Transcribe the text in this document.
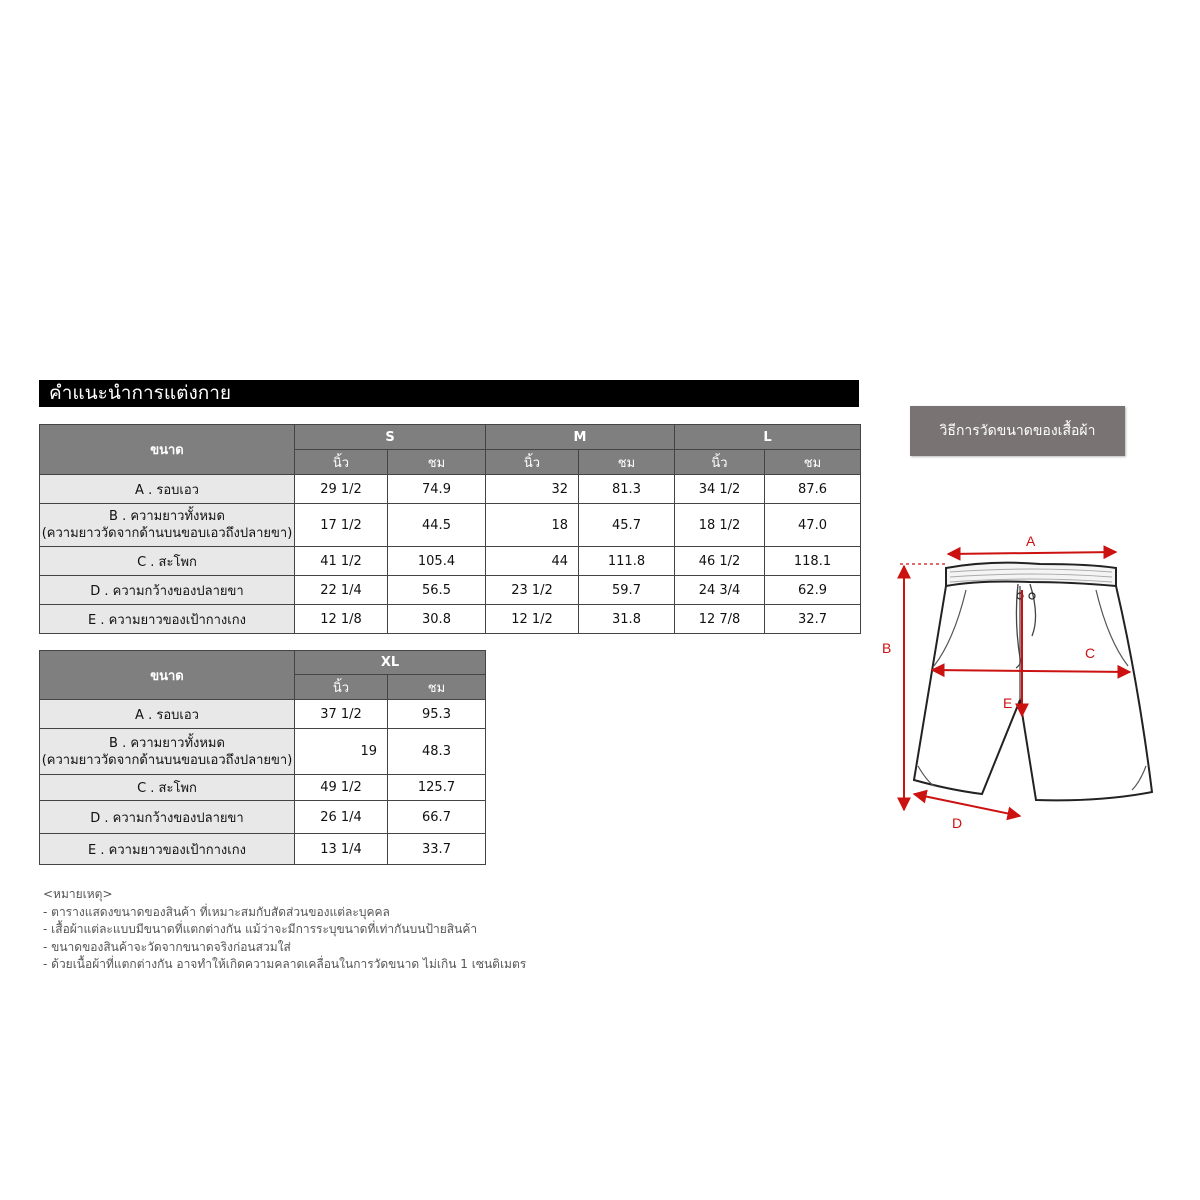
คำแนะนำการแต่งกาย
ขนาด	S		M		L	
	นิ้ว	ชม	นิ้ว	ชม	นิ้ว	ชม
A . รอบเอว	29 1/2	74.9	32	81.3	34 1/2	87.6

B . ความยาวทั้งหมด
(ความยาววัดจากด้านบนขอบเอวถึงปลายขา)	17 1/2	44.5	18	45.7	18 1/2	47.0
C . สะโพก	41 1/2	105.4	44	111.8	46 1/2	118.1
D . ความกว้างของปลายขา	22 1/4	56.5	23 1/2	59.7	24 3/4	62.9
E . ความยาวของเป้ากางเกง	12 1/8	30.8	12 1/2	31.8	12 7/8	32.7
ขนาด	XL	
	นิ้ว	ชม
A . รอบเอว	37 1/2	95.3

B . ความยาวทั้งหมด
(ความยาววัดจากด้านบนขอบเอวถึงปลายขา)	19	48.3
C . สะโพก	49 1/2	125.7
D . ความกว้างของปลายขา	26 1/4	66.7
E . ความยาวของเป้ากางเกง	13 1/4	33.7
วิธีการวัดขนาดของเสื้อผ้า
<หมายเหตุ>
- ตารางแสดงขนาดของสินค้า ที่เหมาะสมกับสัดส่วนของแต่ละบุคคล
- เสื้อผ้าแต่ละแบบมีขนาดที่แตกต่างกัน แม้ว่าจะมีการระบุขนาดที่เท่ากันบนป้ายสินค้า
- ขนาดของสินค้าจะวัดจากขนาดจริงก่อนสวมใส่
- ด้วยเนื้อผ้าที่แตกต่างกัน อาจทำให้เกิดความคลาดเคลื่อนในการวัดขนาด ไม่เกิน 1 เซนติเมตร
A
B	C
D
E
